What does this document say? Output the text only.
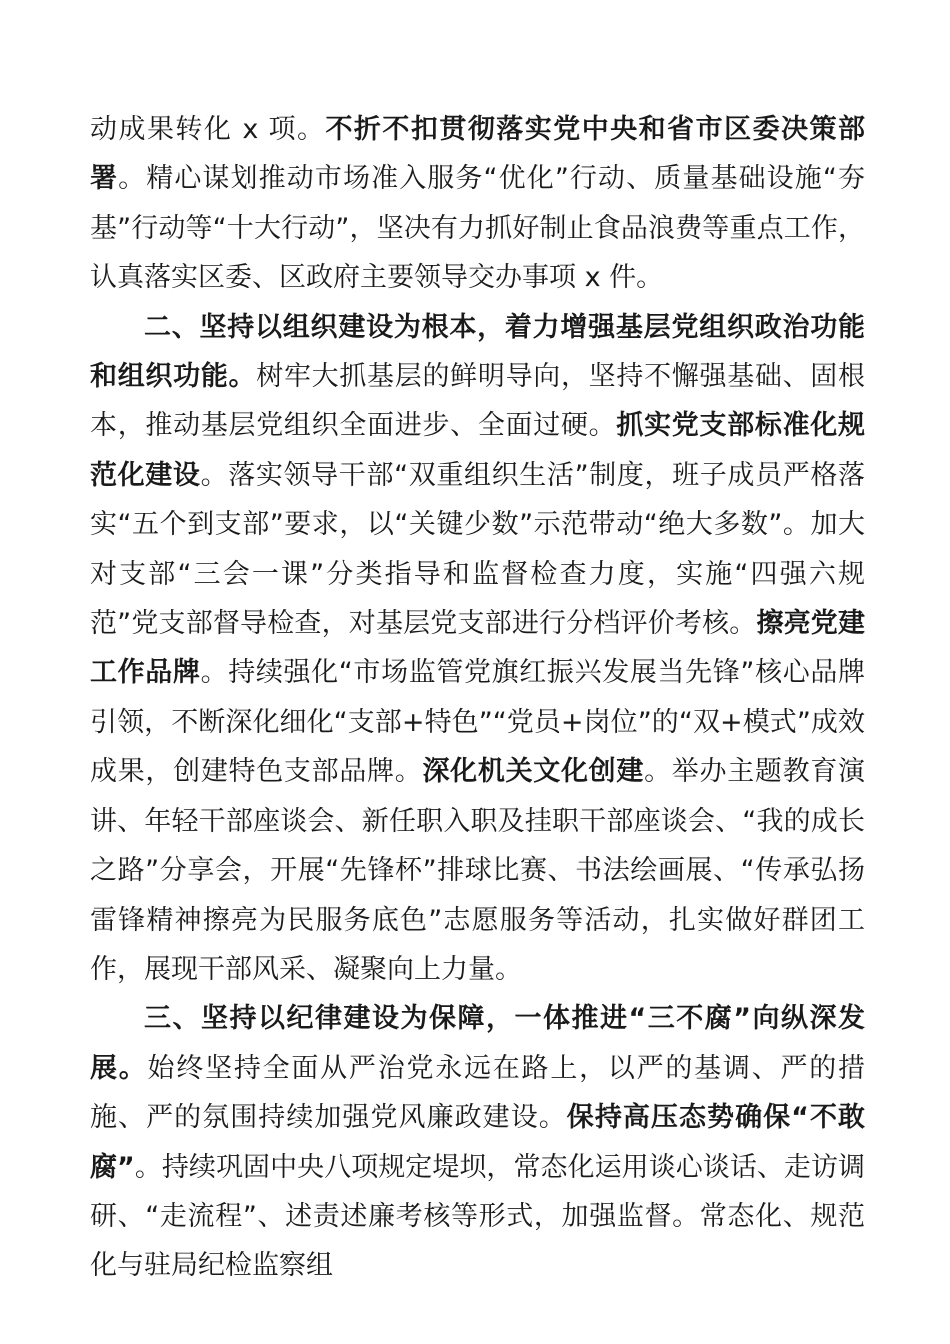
动成果转化 x 项。不折不扣贯彻落实党中央和省市区委决策部署。精心谋划推动市场准入服务“优化”行动、质量基础设施“夯基”行动等“十大行动”，坚决有力抓好制止食品浪费等重点工作，认真落实区委、区政府主要领导交办事项 x 件。

二、坚持以组织建设为根本，着力增强基层党组织政治功能和组织功能。树牢大抓基层的鲜明导向，坚持不懈强基础、固根本，推动基层党组织全面进步、全面过硬。抓实党支部标准化规范化建设。落实领导干部“双重组织生活”制度，班子成员严格落实“五个到支部”要求，以“关键少数”示范带动“绝大多数”。加大对支部“三会一课”分类指导和监督检查力度，实施“四强六规范”党支部督导检查，对基层党支部进行分档评价考核。擦亮党建工作品牌。持续强化“市场监管党旗红振兴发展当先锋”核心品牌引领，不断深化细化“支部+特色”“党员+岗位”的“双+模式”成效成果，创建特色支部品牌。深化机关文化创建。举办主题教育演讲、年轻干部座谈会、新任职入职及挂职干部座谈会、“我的成长之路”分享会，开展“先锋杯”排球比赛、书法绘画展、“传承弘扬雷锋精神擦亮为民服务底色”志愿服务等活动，扎实做好群团工作，展现干部风采、凝聚向上力量。

三、坚持以纪律建设为保障，一体推进“三不腐”向纵深发展。始终坚持全面从严治党永远在路上，以严的基调、严的措施、严的氛围持续加强党风廉政建设。保持高压态势确保“不敢腐”。持续巩固中央八项规定堤坝，常态化运用谈心谈话、走访调研、“走流程”、述责述廉考核等形式，加强监督。常态化、规范化与驻局纪检监察组
